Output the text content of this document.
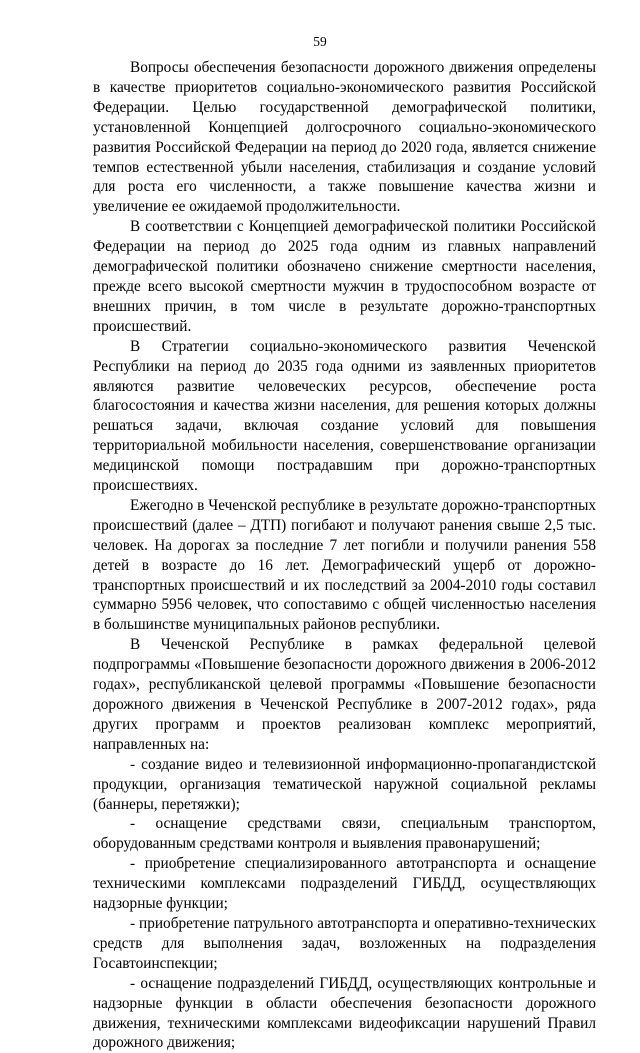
59

Вопросы обеспечения безопасности дорожного движения определены в качестве приоритетов социально-экономического развития Российской Федерации. Целью государственной демографической политики, установленной Концепцией долгосрочного социально-экономического развития Российской Федерации на период до 2020 года, является снижение темпов естественной убыли населения, стабилизация и создание условий для роста его численности, а также повышение качества жизни и увеличение ее ожидаемой продолжительности.

В соответствии с Концепцией демографической политики Российской Федерации на период до 2025 года одним из главных направлений демографической политики обозначено снижение смертности населения, прежде всего высокой смертности мужчин в трудоспособном возрасте от внешних причин, в том числе в результате дорожно-транспортных происшествий.

В Стратегии социально-экономического развития Чеченской Республики на период до 2035 года одними из заявленных приоритетов являются развитие человеческих ресурсов, обеспечение роста благосостояния и качества жизни населения, для решения которых должны решаться задачи, включая создание условий для повышения территориальной мобильности населения, совершенствование организации медицинской помощи пострадавшим при дорожно-транспортных происшествиях.

Ежегодно в Чеченской республике в результате дорожно-транспортных происшествий (далее – ДТП) погибают и получают ранения свыше 2,5 тыс. человек. На дорогах за последние 7 лет погибли и получили ранения 558 детей в возрасте до 16 лет. Демографический ущерб от дорожно-транспортных происшествий и их последствий за 2004-2010 годы составил суммарно 5956 человек, что сопоставимо с общей численностью населения в большинстве муниципальных районов республики.

В Чеченской Республике в рамках федеральной целевой подпрограммы «Повышение безопасности дорожного движения в 2006-2012 годах», республиканской целевой программы «Повышение безопасности дорожного движения в Чеченской Республике в 2007-2012 годах», ряда других программ и проектов реализован комплекс мероприятий, направленных на:

- создание видео и телевизионной информационно-пропагандистской продукции, организация тематической наружной социальной рекламы (баннеры, перетяжки);

- оснащение средствами связи, специальным транспортом, оборудованным средствами контроля и выявления правонарушений;

- приобретение специализированного автотранспорта и оснащение техническими комплексами подразделений ГИБДД, осуществляющих надзорные функции;

- приобретение патрульного автотранспорта и оперативно-технических средств для выполнения задач, возложенных на подразделения Госавтоинспекции;

- оснащение подразделений ГИБДД, осуществляющих контрольные и надзорные функции в области обеспечения безопасности дорожного движения, техническими комплексами видеофиксации нарушений Правил дорожного движения;
